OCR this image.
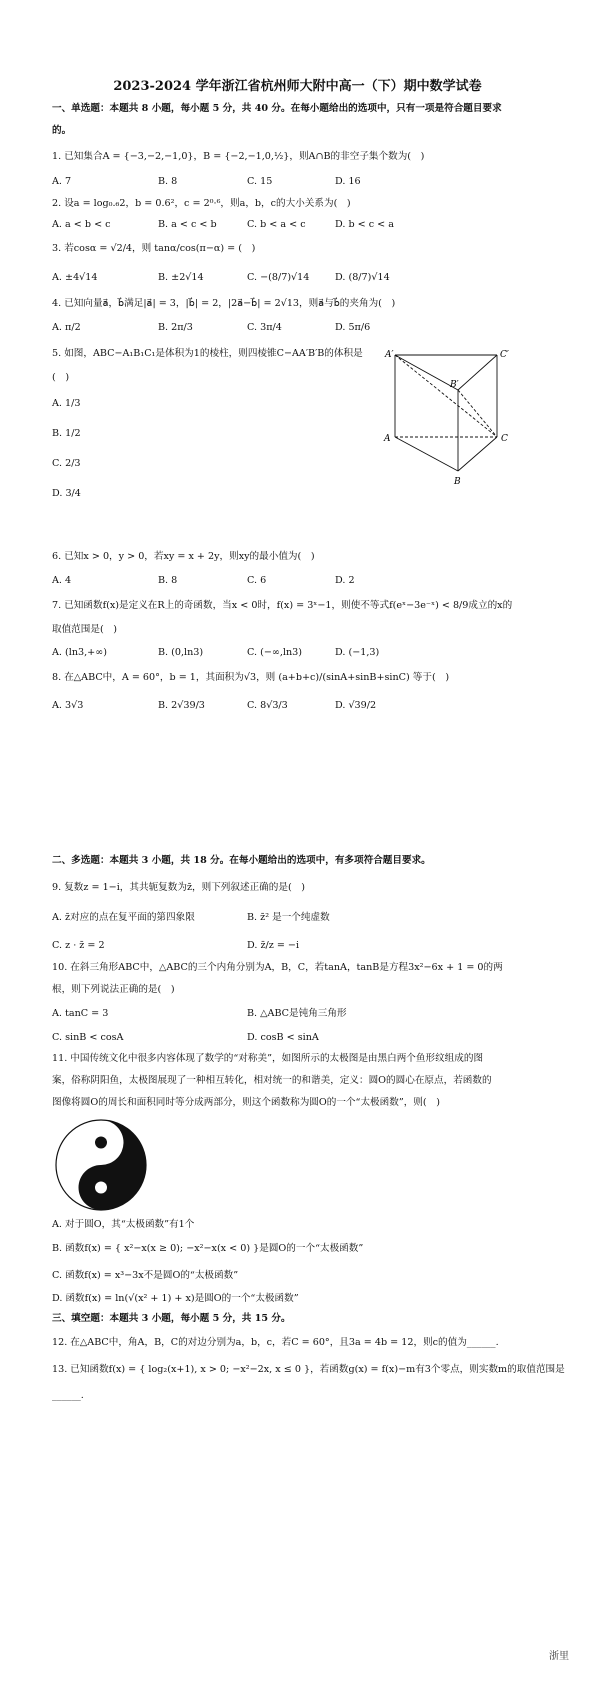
2023-2024 学年浙江省杭州师大附中高一（下）期中数学试卷
一、单选题：本题共 8 小题，每小题 5 分，共 40 分。在每小题给出的选项中，只有一项是符合题目要求
的。
1. 已知集合A = {−3,−2,−1,0}，B = {−2,−1,0,½}，则A∩B的非空子集个数为(　)
A. 7	B. 8	C. 15	D. 16
2. 设a = log₀.₆2，b = 0.6²，c = 2⁰·⁶，则a，b，c的大小关系为(　)
A. a < b < c	B. a < c < b	C. b < a < c	D. b < c < a
3. 若cosα = √2/4，则 tanα/cos(π−α) = (　)
A. ±4√14	B. ±2√14	C. −(8/7)√14	D. (8/7)√14
4. 已知向量a⃗，b⃗满足|a⃗| = 3，|b⃗| = 2，|2a⃗−b⃗| = 2√13，则a⃗与b⃗的夹角为(　)
A. π/2	B. 2π/3	C. 3π/4	D. 5π/6
5. 如图，ABC−A₁B₁C₁是体积为1的棱柱，则四棱锥C−AA′B′B的体积是
(　)
A. 1/3
B. 1/2
C. 2/3
D. 3/4
A′	C′
B′
A	C
B
6. 已知x > 0，y > 0，若xy = x + 2y，则xy的最小值为(　)
A. 4	B. 8	C. 6	D. 2
7. 已知函数f(x)是定义在R上的奇函数，当x < 0时，f(x) = 3ˣ−1，则使不等式f(eˣ−3e⁻ˣ) < 8/9成立的x的
取值范围是(　)
A. (ln3,+∞)	B. (0,ln3)	C. (−∞,ln3)	D. (−1,3)
8. 在△ABC中，A = 60°，b = 1，其面积为√3，则 (a+b+c)/(sinA+sinB+sinC) 等于(　)
A. 3√3	B. 2√39/3	C. 8√3/3	D. √39/2
二、多选题：本题共 3 小题，共 18 分。在每小题给出的选项中，有多项符合题目要求。
9. 复数z = 1−i，其共轭复数为z̄，则下列叙述正确的是(　)
A. z̄对应的点在复平面的第四象限	B. z̄² 是一个纯虚数
C. z · z̄ = 2	D. z̄/z = −i
10. 在斜三角形ABC中，△ABC的三个内角分别为A，B，C，若tanA，tanB是方程3x²−6x + 1 = 0的两
根，则下列说法正确的是(　)
A. tanC = 3	B. △ABC是钝角三角形
C. sinB < cosA	D. cosB < sinA
11. 中国传统文化中很多内容体现了数学的“对称美”，如图所示的太极图是由黑白两个鱼形纹组成的图
案，俗称阴阳鱼，太极图展现了一种相互转化，相对统一的和谐美，定义：圆O的圆心在原点，若函数的
图像将圆O的周长和面积同时等分成两部分，则这个函数称为圆O的一个“太极函数”，则(　)
A. 对于圆O，其“太极函数”有1个
B. 函数f(x) = { x²−x(x ≥ 0); −x²−x(x < 0) }是圆O的一个“太极函数”
C. 函数f(x) = x³−3x不是圆O的“太极函数”
D. 函数f(x) = ln(√(x² + 1) + x)是圆O的一个“太极函数”
三、填空题：本题共 3 小题，每小题 5 分，共 15 分。
12. 在△ABC中，角A，B，C的对边分别为a，b，c，若C = 60°，且3a = 4b = 12，则c的值为______.
13. 已知函数f(x) = { log₂(x+1), x > 0; −x²−2x, x ≤ 0 }，若函数g(x) = f(x)−m有3个零点，则实数m的取值范围是
______.
浙里
